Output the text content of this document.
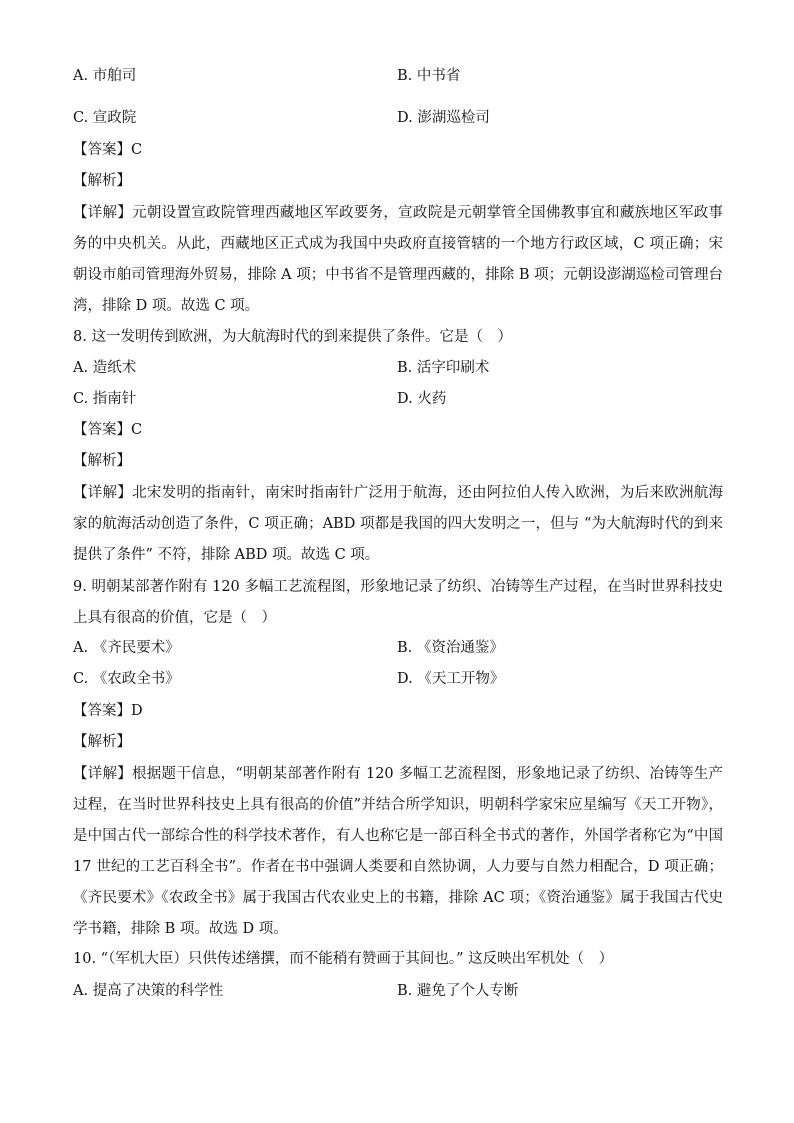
A. 市舶司	B. 中书省
C. 宣政院	D. 澎湖巡检司
【答案】C
【解析】
【详解】元朝设置宣政院管理西藏地区军政要务，宣政院是元朝掌管全国佛教事宜和藏族地区军政事务的中央机关。从此，西藏地区正式成为我国中央政府直接管辖的一个地方行政区域，C 项正确；宋朝设市舶司管理海外贸易，排除 A 项；中书省不是管理西藏的，排除 B 项；元朝设澎湖巡检司管理台湾，排除 D 项。故选 C 项。
8. 这一发明传到欧洲，为大航海时代的到来提供了条件。它是（　）
A. 造纸术	B. 活字印刷术
C. 指南针	D. 火药
【答案】C
【解析】
【详解】北宋发明的指南针，南宋时指南针广泛用于航海，还由阿拉伯人传入欧洲，为后来欧洲航海家的航海活动创造了条件，C 项正确；ABD 项都是我国的四大发明之一，但与 “为大航海时代的到来提供了条件” 不符，排除 ABD 项。故选 C 项。
9. 明朝某部著作附有 120 多幅工艺流程图，形象地记录了纺织、冶铸等生产过程，在当时世界科技史上具有很高的价值，它是（　）
A. 《齐民要术》	B. 《资治通鉴》
C. 《农政全书》	D. 《天工开物》
【答案】D
【解析】
【详解】根据题干信息，“明朝某部著作附有 120 多幅工艺流程图，形象地记录了纺织、冶铸等生产过程，在当时世界科技史上具有很高的价值”并结合所学知识，明朝科学家宋应星编写《天工开物》，是中国古代一部综合性的科学技术著作，有人也称它是一部百科全书式的著作，外国学者称它为“中国 17 世纪的工艺百科全书”。作者在书中强调人类要和自然协调，人力要与自然力相配合，D 项正确；《齐民要术》《农政全书》属于我国古代农业史上的书籍，排除 AC 项；《资治通鉴》属于我国古代史学书籍，排除 B 项。故选 D 项。
10. “（军机大臣）只供传述缮撰，而不能稍有赞画于其间也。” 这反映出军机处（　）
A. 提高了决策的科学性	B. 避免了个人专断
